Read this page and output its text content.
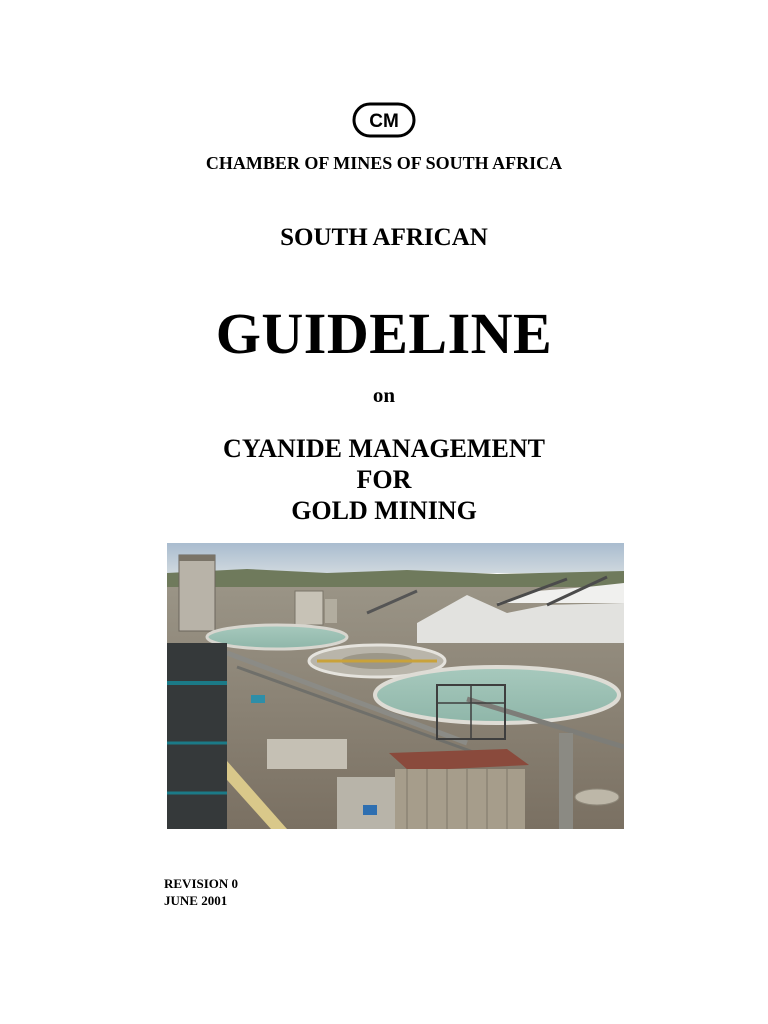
CM
CHAMBER OF MINES OF SOUTH AFRICA
SOUTH AFRICAN
GUIDELINE
on
CYANIDE MANAGEMENT
FOR
GOLD MINING
REVISION 0
JUNE 2001
